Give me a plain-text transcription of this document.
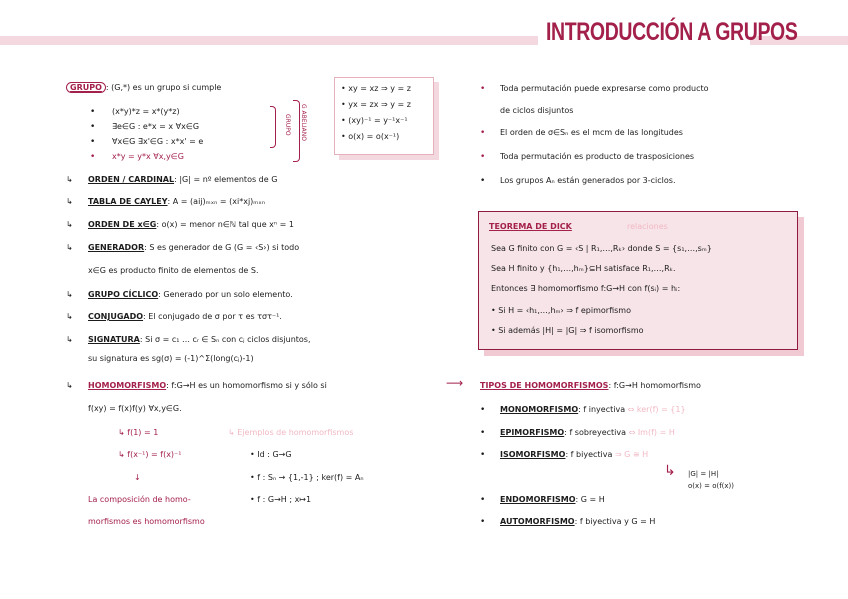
INTRODUCCIÓN A GRUPOS
GRUPO : (G,*) es un grupo si cumple
• (x*y)*z = x*(y*z)
• ∃e∈G : e*x = x ∀x∈G
• ∀x∈G ∃x'∈G : x*x' = e
• x*y = y*x ∀x,y∈G
GRUPO G ABELIANO
• xy = xz ⇒ y = z
• yx = zx ⇒ y = z
• (xy)⁻¹ = y⁻¹x⁻¹
• o(x) = o(x⁻¹)
↳ ORDEN / CARDINAL: |G| = nº elementos de G
↳ TABLA DE CAYLEY: A = (aij)ₘₓₙ = (xi*xj)ₘₓₙ
↳ ORDEN DE x∈G: o(x) = menor n∈ℕ tal que xⁿ = 1
↳ GENERADOR: S es generador de G (G = ‹S›) si todo
x∈G es producto finito de elementos de S.
↳ GRUPO CÍCLICO: Generado por un solo elemento.
↳ CONJUGADO: El conjugado de σ por τ es τστ⁻¹.
↳ SIGNATURA: Si σ = c₁ … cᵣ ∈ Sₙ con cⱼ ciclos disjuntos,
su signatura es sg(σ) = (-1)^Σ(long(cⱼ)-1)
↳ HOMOMORFISMO: f:G→H es un homomorfismo si y sólo si
f(xy) = f(x)f(y) ∀x,y∈G.
↳ f(1) = 1
↳ f(x⁻¹) = f(x)⁻¹
↓
↳ Ejemplos de homomorfismos
• Id : G→G
• f : Sₙ → {1,-1} ; ker(f) = Aₙ
• f : G→H ; x↦1
La composición de homo-
morfismos es homomorfismo
• Toda permutación puede expresarse como producto
de ciclos disjuntos
• El orden de σ∈Sₙ es el mcm de las longitudes
• Toda permutación es producto de trasposiciones
• Los grupos Aₙ están generados por 3-ciclos.
TEOREMA DE DICK	relaciones
Sea G finito con G = ‹S | R₁,…,Rₖ› donde S = {s₁,…,sₘ}
Sea H finito y {h₁,…,hₘ}⊆H satisface R₁,…,Rₖ.
Entonces ∃ homomorfismo f:G→H con f(sᵢ) = hᵢ:
• Si H = ‹h₁,…,hₘ› ⇒ f epimorfismo
• Si además |H| = |G| ⇒ f isomorfismo
⟶ TIPOS DE HOMOMORFISMOS: f:G→H homomorfismo
• MONOMORFISMO: f inyectiva ⇔ ker(f) = {1}
• EPIMORFISMO: f sobreyectiva ⇔ Im(f) = H
• ISOMORFISMO: f biyectiva ⇒ G ≅ H
↳ |G| = |H|
o(x) = o(f(x))
• ENDOMORFISMO: G = H
• AUTOMORFISMO: f biyectiva y G = H
